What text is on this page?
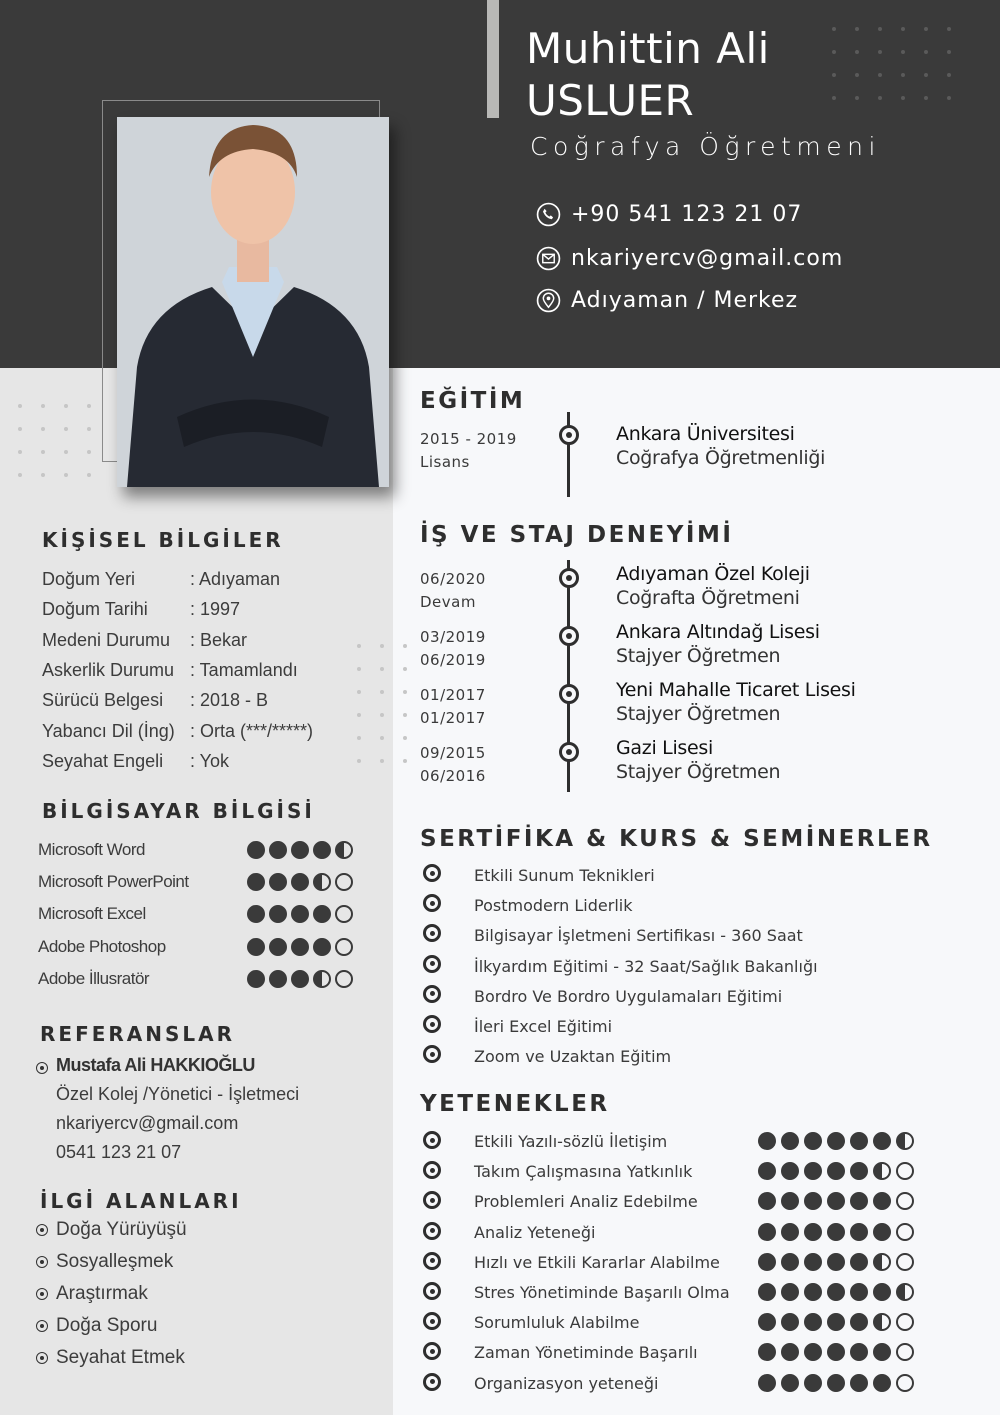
Muhittin Ali
USLUER
Coğrafya Öğretmeni
+90 541 123 21 07
nkariyercv@gmail.com
Adıyaman / Merkez
KİŞİSEL BİLGİLER
Doğum Yeri	: Adıyaman
Doğum Tarihi	: 1997
Medeni Durumu	: Bekar
Askerlik Durumu : Tamamlandı
Sürücü Belgesi	: 2018 - B
Yabancı Dil (İng) : Orta (***/*****)
Seyahat Engeli	: Yok
BİLGİSAYAR BİLGİSİ
Microsoft Word
Microsoft PowerPoint
Microsoft Excel
Adobe Photoshop
Adobe İllusratör
REFERANSLAR
Mustafa Ali HAKKIOĞLU
Özel Kolej /Yönetici - İşletmeci
nkariyercv@gmail.com
0541 123 21 07
İLGİ ALANLARI
Doğa Yürüyüşü
Sosyalleşmek
Araştırmak
Doğa Sporu
Seyahat Etmek
EĞİTİM
2015 - 2019
Lisans
Ankara Üniversitesi
Coğrafya Öğretmenliği
İŞ VE STAJ DENEYİMİ
06/2020
Devam
Adıyaman Özel Koleji
Coğrafta Öğretmeni
03/2019
06/2019
Ankara Altındağ Lisesi
Stajyer Öğretmen
01/2017
01/2017
Yeni Mahalle Ticaret Lisesi
Stajyer Öğretmen
09/2015
06/2016
Gazi Lisesi
Stajyer Öğretmen
SERTİFİKA & KURS & SEMİNERLER
Etkili Sunum Teknikleri
Postmodern Liderlik
Bilgisayar İşletmeni Sertifikası - 360 Saat
İlkyardım Eğitimi - 32 Saat/Sağlık Bakanlığı
Bordro Ve Bordro Uygulamaları Eğitimi
İleri Excel Eğitimi
Zoom ve Uzaktan Eğitim
YETENEKLER
Etkili Yazılı-sözlü İletişim
Takım Çalışmasına Yatkınlık
Problemleri Analiz Edebilme
Analiz Yeteneği
Hızlı ve Etkili Kararlar Alabilme
Stres Yönetiminde Başarılı Olma
Sorumluluk Alabilme
Zaman Yönetiminde Başarılı
Organizasyon yeteneği
